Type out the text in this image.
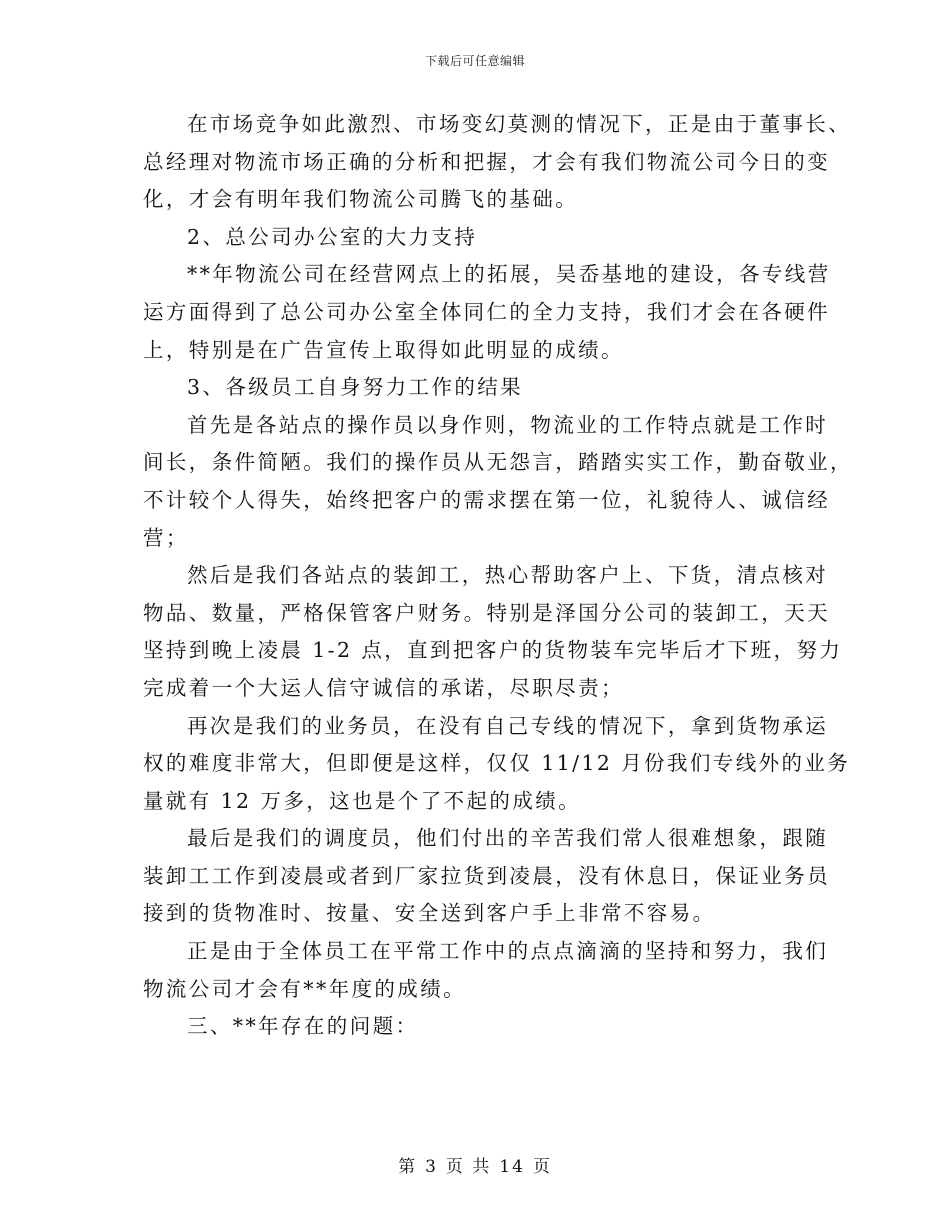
下载后可任意编辑
在市场竞争如此激烈、市场变幻莫测的情况下，正是由于董事长、
总经理对物流市场正确的分析和把握，才会有我们物流公司今日的变
化，才会有明年我们物流公司腾飞的基础。
2、总公司办公室的大力支持
**年物流公司在经营网点上的拓展，吴岙基地的建设，各专线营
运方面得到了总公司办公室全体同仁的全力支持，我们才会在各硬件
上，特别是在广告宣传上取得如此明显的成绩。
3、各级员工自身努力工作的结果
首先是各站点的操作员以身作则，物流业的工作特点就是工作时
间长，条件简陋。我们的操作员从无怨言，踏踏实实工作，勤奋敬业，
不计较个人得失，始终把客户的需求摆在第一位，礼貌待人、诚信经
营；
然后是我们各站点的装卸工，热心帮助客户上、下货，清点核对
物品、数量，严格保管客户财务。特别是泽国分公司的装卸工，天天
坚持到晚上凌晨 1-2 点，直到把客户的货物装车完毕后才下班，努力
完成着一个大运人信守诚信的承诺，尽职尽责；
再次是我们的业务员，在没有自己专线的情况下，拿到货物承运
权的难度非常大，但即便是这样，仅仅 11/12 月份我们专线外的业务
量就有 12 万多，这也是个了不起的成绩。
最后是我们的调度员，他们付出的辛苦我们常人很难想象，跟随
装卸工工作到凌晨或者到厂家拉货到凌晨，没有休息日，保证业务员
接到的货物准时、按量、安全送到客户手上非常不容易。
正是由于全体员工在平常工作中的点点滴滴的坚持和努力，我们
物流公司才会有**年度的成绩。
三、**年存在的问题：
第 3 页 共 14 页
